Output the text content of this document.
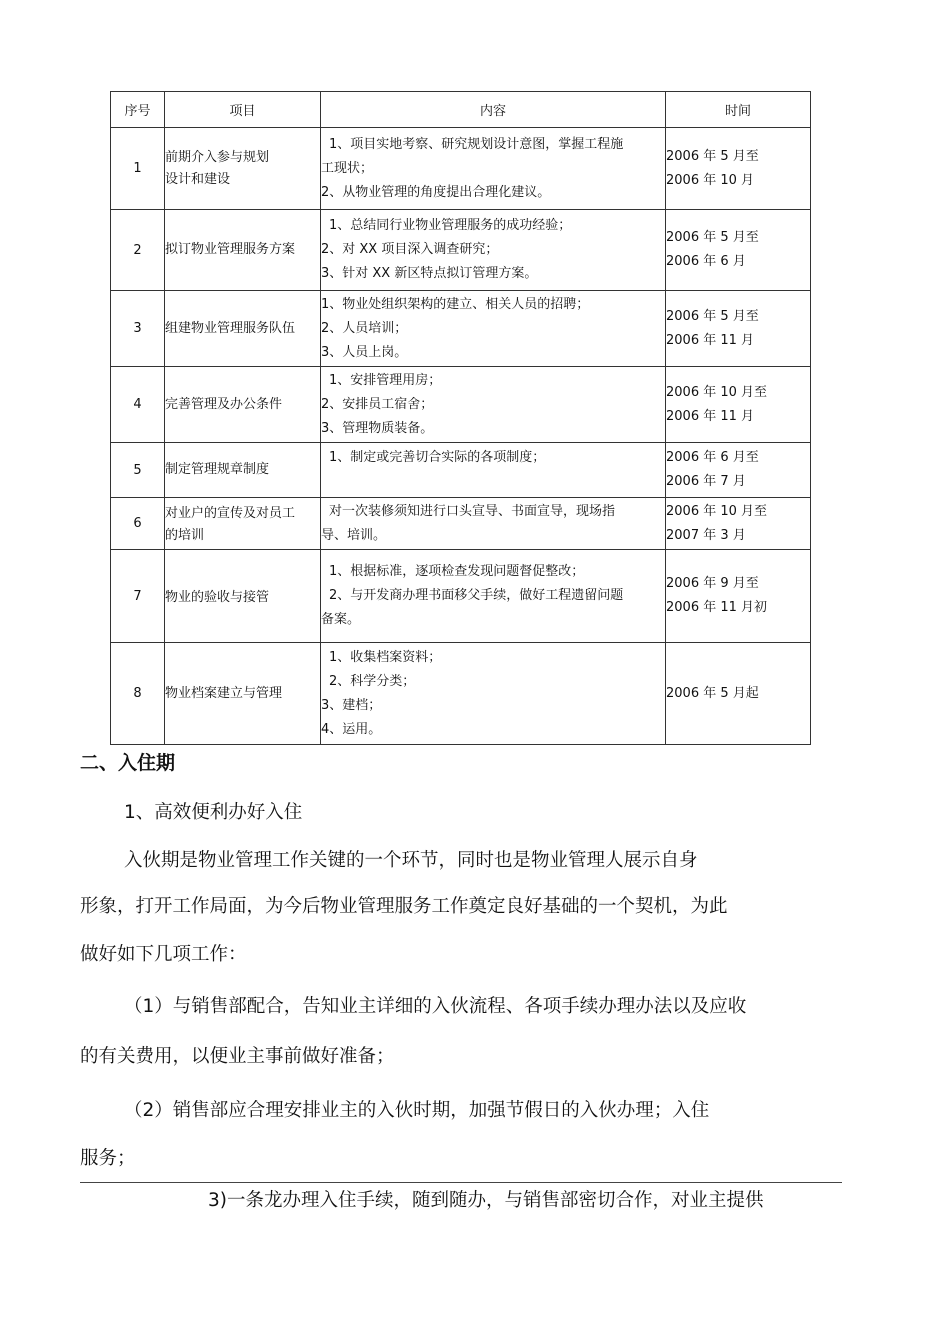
序号	项目	内容	时间
1	前期介入参与规划
设计和建设	1、项目实地考察、研究规划设计意图，掌握工程施
工现状；
2、从物业管理的角度提出合理化建议。	2006 年 5 月至
2006 年 10 月

2	拟订物业管理服务方案	1、总结同行业物业管理服务的成功经验；
2、对 XX 项目深入调查研究；
3、针对 XX 新区特点拟订管理方案。	2006 年 5 月至
2006 年 6 月

3	组建物业管理服务队伍	1、物业处组织架构的建立、相关人员的招聘；
2、人员培训；
3、人员上岗。	2006 年 5 月至
2006 年 11 月

4	完善管理及办公条件	1、安排管理用房；
2、安排员工宿舍；
3、管理物质装备。	2006 年 10 月至
2006 年 11 月

5	制定管理规章制度	1、制定或完善切合实际的各项制度；	2006 年 6 月至
2006 年 7 月

6	对业户的宣传及对员工
的培训	对一次装修须知进行口头宣导、书面宣导，现场指
导、培训。	2006 年 10 月至
2007 年 3 月

7	物业的验收与接管	1、根据标准，逐项检查发现问题督促整改；
2、与开发商办理书面移父手续，做好工程遗留问题
备案。	2006 年 9 月至
2006 年 11 月初

8	物业档案建立与管理	1、收集档案资料；
2、科学分类；
3、建档；
4、运用。	2006 年 5 月起
二、入住期

1、高效便利办好入住

入伙期是物业管理工作关键的一个环节，同时也是物业管理人展示自身

形象，打开工作局面，为今后物业管理服务工作奠定良好基础的一个契机，为此

做好如下几项工作：

（1）与销售部配合，告知业主详细的入伙流程、各项手续办理办法以及应收

的有关费用，以便业主事前做好准备；

（2）销售部应合理安排业主的入伙时期，加强节假日的入伙办理；入住

服务；

3)一条龙办理入住手续，随到随办，与销售部密切合作，对业主提供
